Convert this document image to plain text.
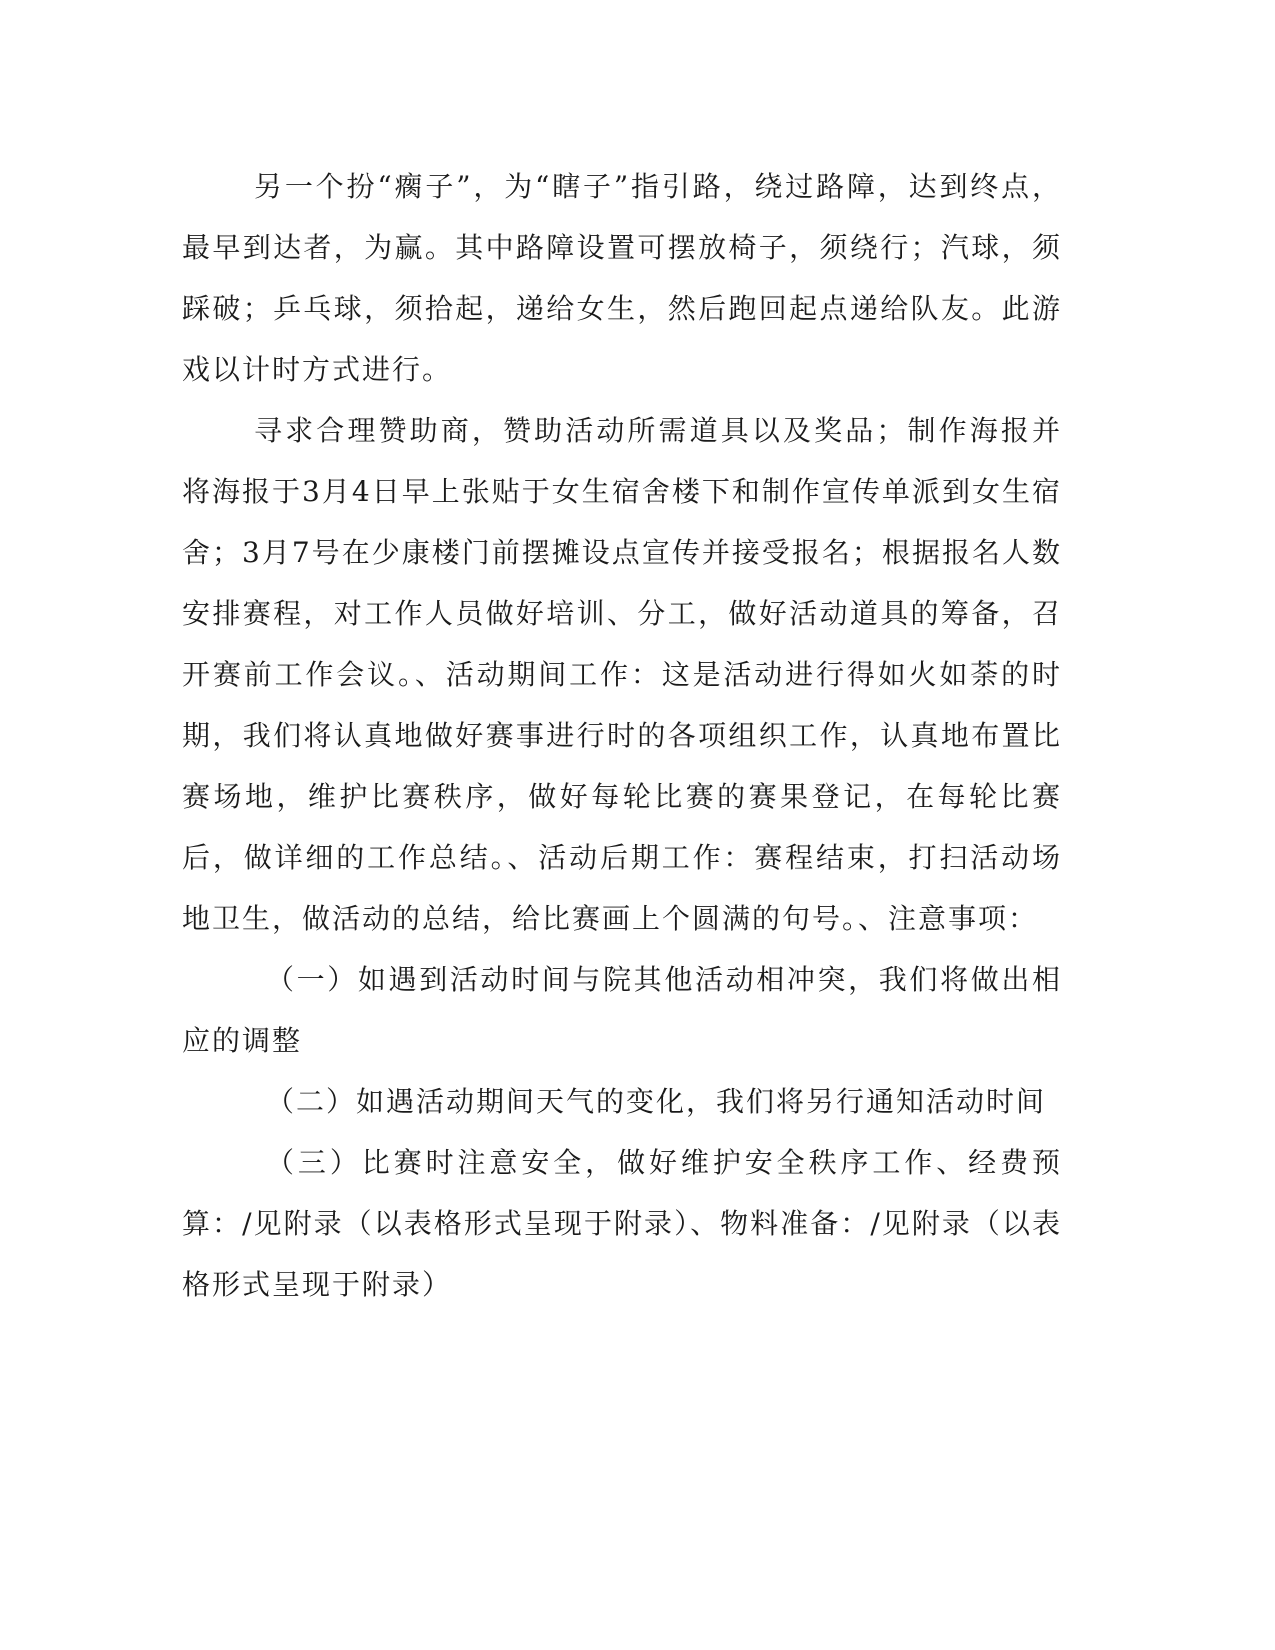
另一个扮“瘸子”，为“瞎子”指引路，绕过路障，达到终点，最早到达者，为赢。其中路障设置可摆放椅子，须绕行；汽球，须踩破；乒乓球，须拾起，递给女生，然后跑回起点递给队友。此游戏以计时方式进行。

寻求合理赞助商，赞助活动所需道具以及奖品；制作海报并将海报于3月4日早上张贴于女生宿舍楼下和制作宣传单派到女生宿舍；3月7号在少康楼门前摆摊设点宣传并接受报名；根据报名人数安排赛程，对工作人员做好培训、分工，做好活动道具的筹备，召开赛前工作会议。、活动期间工作：这是活动进行得如火如荼的时期，我们将认真地做好赛事进行时的各项组织工作，认真地布置比赛场地，维护比赛秩序，做好每轮比赛的赛果登记，在每轮比赛后，做详细的工作总结。、活动后期工作：赛程结束，打扫活动场地卫生，做活动的总结，给比赛画上个圆满的句号。、注意事项：

（一）如遇到活动时间与院其他活动相冲突，我们将做出相应的调整

（二）如遇活动期间天气的变化，我们将另行通知活动时间

（三）比赛时注意安全，做好维护安全秩序工作、经费预算：/见附录（以表格形式呈现于附录）、物料准备：/见附录（以表格形式呈现于附录）
